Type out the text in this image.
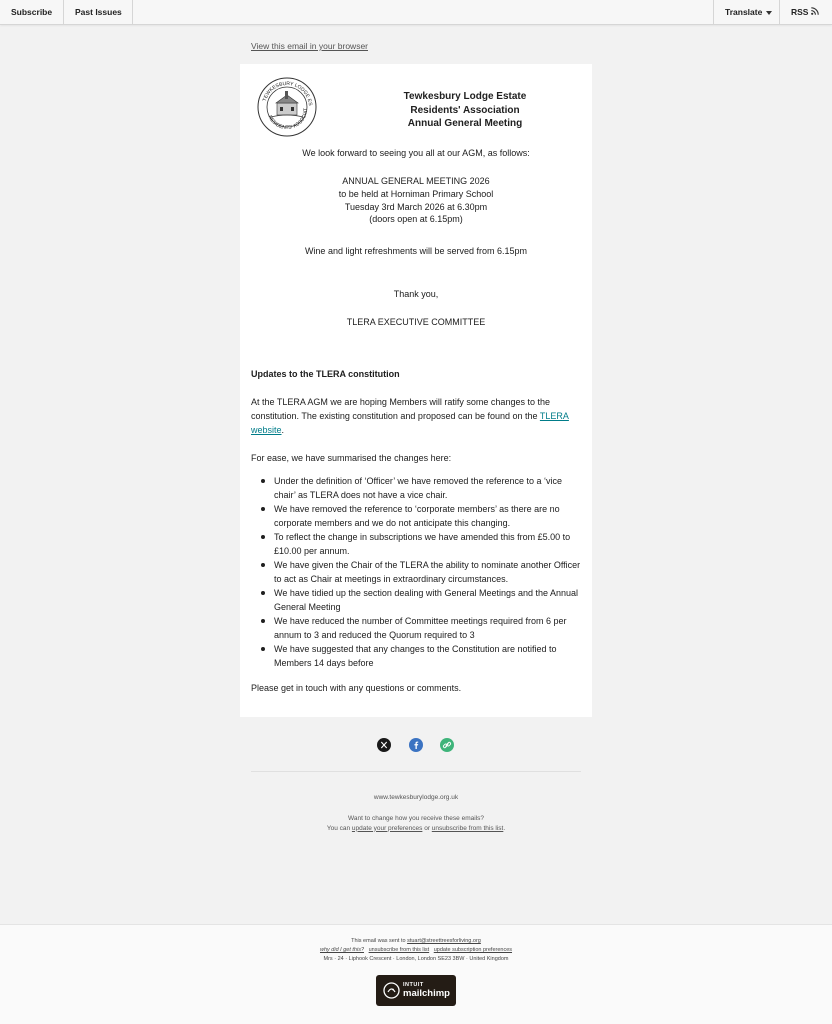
Subscribe	Past Issues	Translate	RSS
View this email in your browser
TEWKESBURY LODGE ES
RESIDENTS' ASSOCIAT
Tewkesbury Lodge Estate
Residents' Association
Annual General Meeting
We look forward to seeing you all at our AGM, as follows:
ANNUAL GENERAL MEETING 2026
to be held at Horniman Primary School
Tuesday 3rd March 2026 at 6.30pm
(doors open at 6.15pm)
Wine and light refreshments will be served from 6.15pm
Thank you,
TLERA EXECUTIVE COMMITTEE
Updates to the TLERA constitution
At the TLERA AGM we are hoping Members will ratify some changes to the constitution. The existing constitution and proposed can be found on the TLERA website.
For ease, we have summarised the changes here:
Under the definition of ‘Officer’ we have removed the reference to a ‘vice chair’ as TLERA does not have a vice chair.
We have removed the reference to ‘corporate members’ as there are no corporate members and we do not anticipate this changing.
To reflect the change in subscriptions we have amended this from £5.00 to £10.00 per annum.
We have given the Chair of the TLERA the ability to nominate another Officer to act as Chair at meetings in extraordinary circumstances.
We have tidied up the section dealing with General Meetings and the Annual General Meeting
We have reduced the number of Committee meetings required from 6 per annum to 3 and reduced the Quorum required to 3
We have suggested that any changes to the Constitution are notified to Members 14 days before
Please get in touch with any questions or comments.
www.tewkesburylodge.org.uk
Want to change how you receive these emails?
You can update your preferences or unsubscribe from this list.
This email was sent to stuart@streettreesforliving.org
why did I get this? unsubscribe from this list update subscription preferences
Mrs · 24 · Liphook Crescent · London, London SE23 3BW · United Kingdom
INTUIT
mailchimp
